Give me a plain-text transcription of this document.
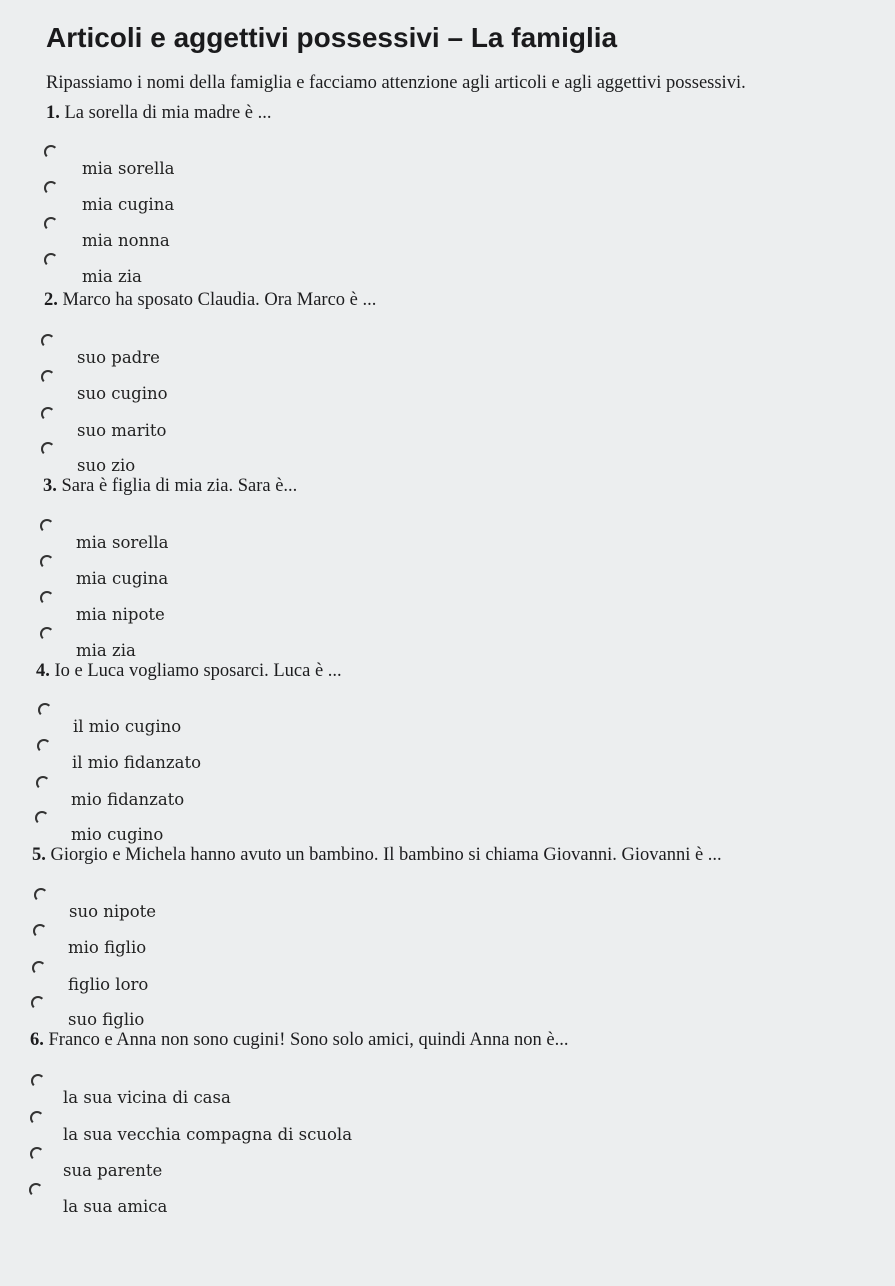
Articoli e aggettivi possessivi – La famiglia
Ripassiamo i nomi della famiglia e facciamo attenzione agli articoli e agli aggettivi possessivi.
1. La sorella di mia madre è ...
mia sorella
mia cugina
mia nonna
mia zia
2. Marco ha sposato Claudia. Ora Marco è ...
suo padre
suo cugino
suo marito
suo zio
3. Sara è figlia di mia zia. Sara è...
mia sorella
mia cugina
mia nipote
mia zia
4. Io e Luca vogliamo sposarci. Luca è ...
il mio cugino
il mio fidanzato
mio fidanzato
mio cugino
5. Giorgio e Michela hanno avuto un bambino. Il bambino si chiama Giovanni. Giovanni è ...
suo nipote
mio figlio
figlio loro
suo figlio
6. Franco e Anna non sono cugini! Sono solo amici, quindi Anna non è...
la sua vicina di casa
la sua vecchia compagna di scuola
sua parente
la sua amica
